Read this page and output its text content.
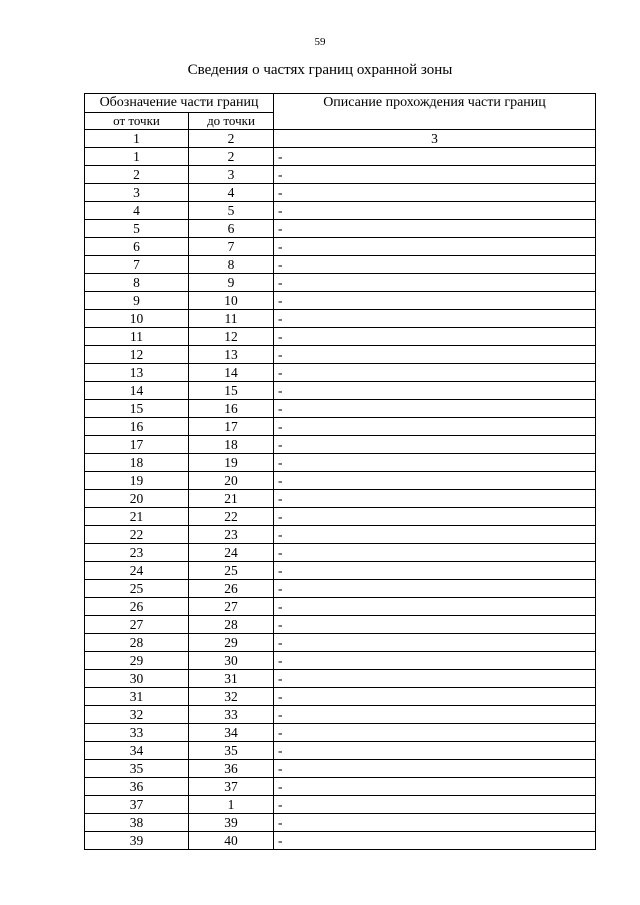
59
Сведения о частях границ охранной зоны
Обозначение части границ		Описание прохождения части границ
от точки	до точки	
1	2	3
1	2	-
2	3	-
3	4	-
4	5	-
5	6	-
6	7	-
7	8	-
8	9	-
9	10	-
10	11	-
11	12	-
12	13	-
13	14	-
14	15	-
15	16	-
16	17	-
17	18	-
18	19	-
19	20	-
20	21	-
21	22	-
22	23	-
23	24	-
24	25	-
25	26	-
26	27	-
27	28	-
28	29	-
29	30	-
30	31	-
31	32	-
32	33	-
33	34	-
34	35	-
35	36	-
36	37	-
37	1	-
38	39	-
39	40	-
